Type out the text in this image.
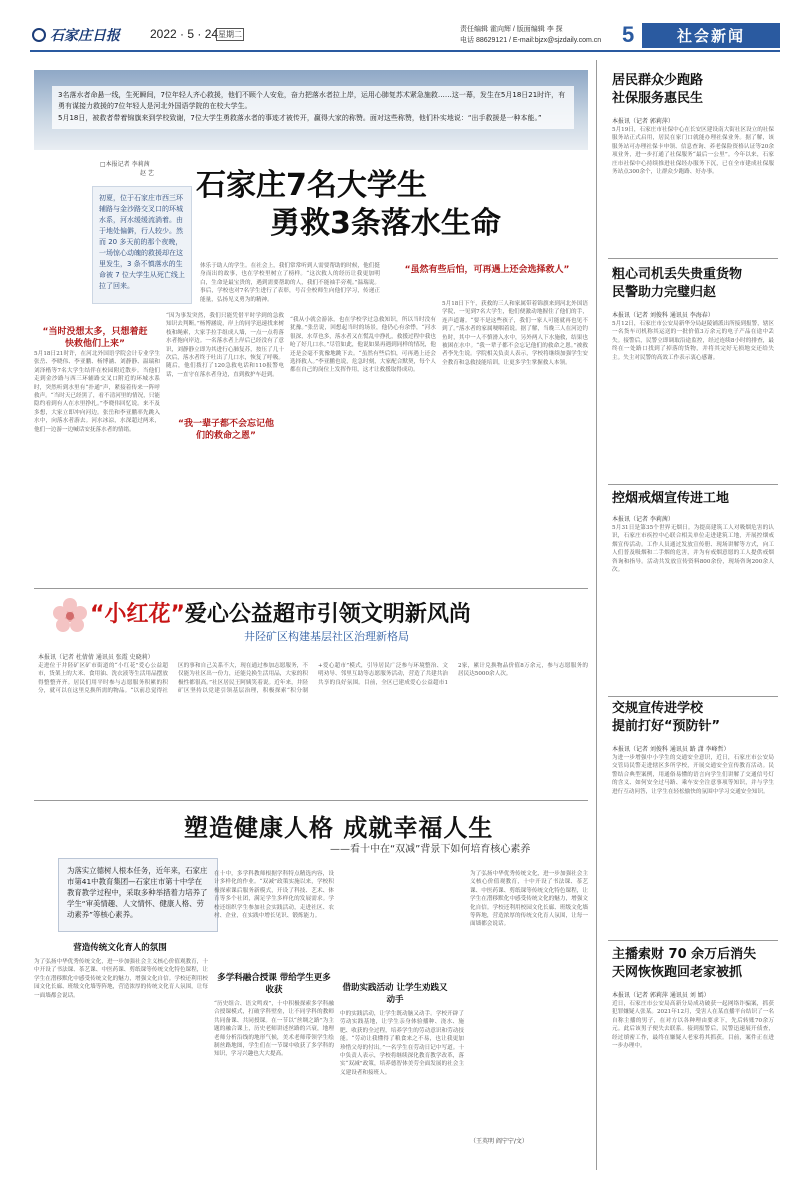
石家庄日报	2022 · 5 · 24 星期二
责任编辑 霍向辉 / 版面编辑 李 探
电话 88629121 / E-mail:bjzx@sjzdaily.com.cn 5	社会新闻

3名落水者命悬一线，生死瞬间，7位年轻人齐心救援，他们不顾个人安危，奋力把落水者拉上岸，运用心肺复苏术紧急施救……这一幕，发生在5月18日21时许，有勇有谋接力救援的7位年轻人是河北外国语学院的在校大学生。

5月18日，被救者带着锦旗来到学校致谢，7位大学生勇救落水者的事迹才被传开，赢得大家的称赞。面对这些称赞，他们朴实地说：“出手救援是一种本能。”

□本报记者 李莉茜
赵 艺
初夏，位于石家庄市西三环辅路与金沙路交叉口的环城水系，河水缓缓流淌着。由于地处偏僻，行人较少。然而 20 多天前的那个夜晚，一场惊心动魄的救援却在这里发生，3 条不慎落水的生命被 7 位大学生从死亡线上拉了回来。
石家庄7名大学生
勇救3条落水生命
体乐于助人的学生。在社会上，我们常常听到人需要帮助的时候，他们挺身而出的故事，也在学校里树立了榜样。“这次救人的经历让我更加明白，生命是最宝贵的，遇到需要帮助的人，我们不能袖手旁观。”温瑞说。事后，学校也对7名学生进行了表彰，号召全校师生向他们学习，传递正能量，弘扬见义勇为的精神。
“虽然有些后怕，可再遇上还会选择救人”
“当时没想太多，只想着赶快救他们上来”
5月18日21时许，在河北外国语学院会计专业学生张岳、李晓伟、李亚鹏、杨博涵、刘静静、温瑞和刘泽楷等7名大学生结伴在校园附近散步。当他们走到金沙路与西三环辅路交叉口附近的环城水系时，突然听到水里有“扑通”声，紧接着传来一阵呼救声。“当时天已经黑了，看不清河里的情况，只能隐约看到有人在水里挣扎。”李晓伟回忆说。来不及多想，大家立即冲向河边。张岳和李亚鹏率先跳入水中，向落水者游去。河水冰凉，水深超过两米，他们一边游一边喊话安抚落水者的情绪。
“因为事发突然，我们只能凭借平时学到的急救知识去判断。”杨博涵说，岸上的同学迅速找来树枝和绳索，大家手拉手组成人墙，一点一点将落水者拖向岸边。一名落水者上岸后已经没有了意识，刘静静立即为其进行心肺复苏，按压了几十次后，落水者终于吐出了几口水，恢复了呼吸。随后，他们拨打了120急救电话和110报警电话，一直守在落水者身边，直到救护车赶到。
“我一辈子都不会忘记他们的救命之恩”
“我从小就会游泳，也在学校学过急救知识，所以当时没有犹豫。”张岳说，回想起当时的场景，他仍心有余悸，“河水很深，水草也多，落水者又在慌乱中挣扎，救援过程中我也呛了好几口水。”尽管如此，他说如果再遇到同样的情况，他还是会毫不犹豫地跳下去。“虽然有些后怕，可再遇上还会选择救人。”李亚鹏也说，危急时刻，大家配合默契，每个人都在自己的岗位上发挥作用，这才让救援取得成功。
5月18日下午，获救的三人和家属带着锦旗来到河北外国语学院，一见到7名大学生，他们便激动地握住了他们的手，连声道谢。“要不是这些孩子，我们一家人可能就再也见不到了。”落水者的家属哽咽着说。据了解，当晚三人在河边钓鱼时，其中一人不慎滑入水中，另外两人下水施救，结果也被困在水中。“我一辈子都不会忘记他们的救命之恩。”被救者李先生说。学院相关负责人表示，学校将继续加强学生安全教育和急救技能培训，让更多学生掌握救人本领。
“小红花”爱心公益超市引领文明新风尚
井陉矿区构建基层社区治理新格局
本报讯（记者 杜倩倩 通讯员 张霞 史晓莉）
走进位于井陉矿区矿市街道的“小红花”爱心公益超市，货架上的大米、食用油、洗衣液等生活用品摆放得整整齐齐。居民们用平时参与志愿服务积累的积分，就可以在这里兑换所需的物品。“以前总觉得社区的事和自己关系不大，现在通过参加志愿服务，不仅能为社区出一份力，还能兑换生活用品，大家的积极性都很高。”社区居民王阿姨笑着说。近年来，井陉矿区坚持以党建引领基层治理，积极探索“积分制+爱心超市”模式，引导居民广泛参与环境整治、文明劝导、邻里互助等志愿服务活动，营造了共建共治共享的良好氛围。目前，全区已建成爱心公益超市12家，累计兑换物品价值8万余元，参与志愿服务的居民达5000余人次。
塑造健康人格 成就幸福人生
——看十中在“双减”背景下如何培育核心素养
为落实立德树人根本任务，近年来，石家庄市第41中教育集团—石家庄市第十中学在教育教学过程中，采取多种举措着力培养了学生“审美情趣、人文情怀、健康人格、劳动素养”等核心素养。
营造传统文化育人的氛围
为了弘扬中华优秀传统文化，进一步加强社会主义核心价值观教育，十中开设了书法课、茶艺课、中医药课、剪纸课等传统文化特色课程，让学生在潜移默化中感受传统文化的魅力，增强文化自信。学校还利用校园文化长廊、班级文化墙等阵地，营造浓厚的传统文化育人氛围，让每一面墙都会说话。
在十中，多学科教师根据学科特点精选内容，设计多样化的作业。“双减”政策实施以来，学校积极探索课后服务新模式，开设了科技、艺术、体育等多个社团，满足学生多样化的发展需求。学校还组织学生参加社会实践活动，走进社区、农村、企业，在实践中增长见识、锻炼能力。
多学科融合授课 带给学生更多收获
“历史组合、语文鸣戏”，十中积极探索多学科融合授课模式，打破学科壁垒，让不同学科的教师共同备课、共同授课。在一节以“丝绸之路”为主题的融合课上，历史老师讲述丝路的兴衰，地理老师分析沿线的地形气候，美术老师带领学生绘制丝路地图，学生们在一节课中收获了多学科的知识，学习兴趣也大大提高。
借助实践活动 让学生劝践又动手
中的实践活动，让学生既动脑又动手。学校开辟了劳动实践基地，让学生亲身体验播种、浇水、施肥、收获的全过程，培养学生的劳动意识和劳动技能。“劳动让我懂得了粮食来之不易，也让我更加珍惜父母的付出。”一名学生在劳动日记中写道。十中负责人表示，学校将继续深化教育教学改革，落实“双减”政策，培养德智体美劳全面发展的社会主义建设者和接班人。
为了弘扬中华优秀传统文化，进一步加强社会主义核心价值观教育，十中开设了书法课、茶艺课、中医药课、剪纸课等传统文化特色课程，让学生在潜移默化中感受传统文化的魅力，增强文化自信。学校还利用校园文化长廊、班级文化墙等阵地，营造浓厚的传统文化育人氛围，让每一面墙都会说话。
（王英明 阎宁宁/文）
居民群众少跑路
社保服务惠民生
本报讯（记者 郭莉萍）
5月19日，石家庄市社保中心在长安区建设南大街社区设立的社保服务站正式启用，居民在家门口就能办理社保业务。据了解，该服务站可办理社保卡申领、信息查询、养老保险资格认证等20余项业务，进一步打通了社保服务“最后一公里”。今年以来，石家庄市社保中心持续推进社保经办服务下沉，已在全市建成社保服务站点300余个，让群众少跑路、好办事。
粗心司机丢失贵重货物
民警助力完璧归赵
本报讯（记者 刘俊科 通讯员 李海春）
5月12日，石家庄市公安局新华分局赵陵铺派出所接到报警，辖区一名货车司机称其运送的一批价值3万余元的电子产品在途中丢失。接警后，民警立即调取沿途监控，经过连续8小时的排查，最终在一处路口找到了掉落的货物，并将其完好无损地交还给失主。失主对民警的高效工作表示衷心感谢。
控烟戒烟宣传进工地
本报讯（记者 李莉茜）
5月31日是第35个世界无烟日。为提高建筑工人对吸烟危害的认识，石家庄市疾控中心联合相关单位走进建筑工地，开展控烟戒烟宣传活动。工作人员通过发放宣传册、现场讲解等方式，向工人们普及吸烟和二手烟的危害，并为有戒烟意愿的工人提供戒烟咨询和指导。活动共发放宣传资料800余份，现场咨询200余人次。
交规宣传进学校
提前打好“预防针”
本报讯（记者 刘俊科 通讯员 路 潇 李峰哲）
为进一步增强中小学生的交通安全意识，近日，石家庄市公安局交管局民警走进辖区多所学校，开展交通安全宣传教育活动。民警结合典型案例，用通俗易懂的语言向学生们讲解了交通信号灯的含义、如何安全过马路、乘车安全注意事项等知识，并与学生进行互动问答，让学生在轻松愉快的氛围中学习交通安全知识。
主播索财 70 余万后消失
天网恢恢跑回老家被抓
本报讯（记者 郭莉萍 通讯员 刘 嫣）
近日，石家庄市公安局高新分局成功破获一起网络诈骗案，抓获犯罪嫌疑人张某。2021年12月，受害人在某直播平台结识了一名自称主播的男子，在对方以各种理由要求下，先后转账70余万元。此后该男子便失去联系。接到报警后，民警迅速展开侦查，经过缜密工作，最终在嫌疑人老家将其抓获。目前，案件正在进一步办理中。
